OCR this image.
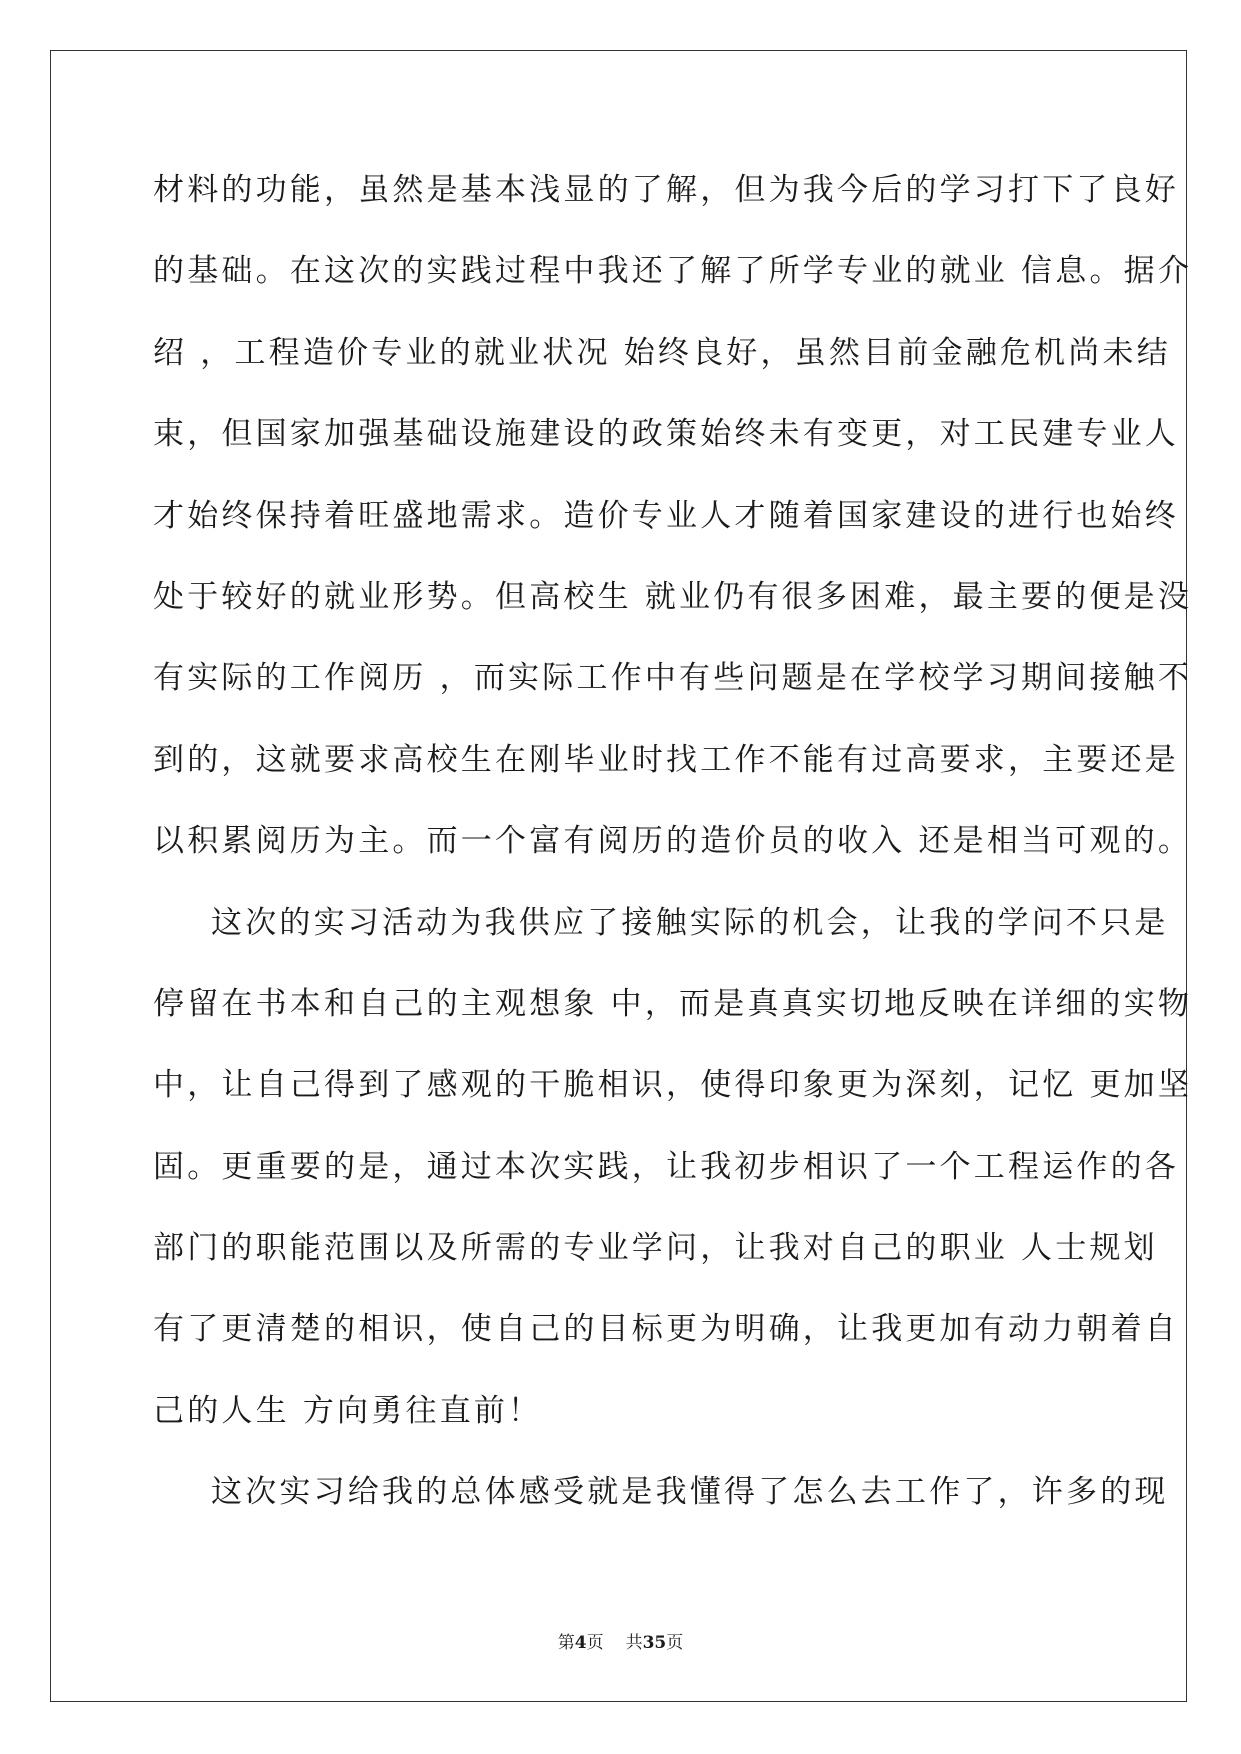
材料的功能，虽然是基本浅显的了解，但为我今后的学习打下了良好
的基础。在这次的实践过程中我还了解了所学专业的就业 信息。据介
绍 ，工程造价专业的就业状况 始终良好，虽然目前金融危机尚未结
束，但国家加强基础设施建设的政策始终未有变更，对工民建专业人
才始终保持着旺盛地需求。造价专业人才随着国家建设的进行也始终
处于较好的就业形势。但高校生 就业仍有很多困难，最主要的便是没
有实际的工作阅历 ，而实际工作中有些问题是在学校学习期间接触不
到的，这就要求高校生在刚毕业时找工作不能有过高要求，主要还是
以积累阅历为主。而一个富有阅历的造价员的收入 还是相当可观的。
这次的实习活动为我供应了接触实际的机会，让我的学问不只是
停留在书本和自己的主观想象 中，而是真真实切地反映在详细的实物
中，让自己得到了感观的干脆相识，使得印象更为深刻，记忆 更加坚
固。更重要的是，通过本次实践，让我初步相识了一个工程运作的各
部门的职能范围以及所需的专业学问，让我对自己的职业 人士规划
有了更清楚的相识，使自己的目标更为明确，让我更加有动力朝着自
己的人生 方向勇往直前！
这次实习给我的总体感受就是我懂得了怎么去工作了，许多的现
第4页 共35页
